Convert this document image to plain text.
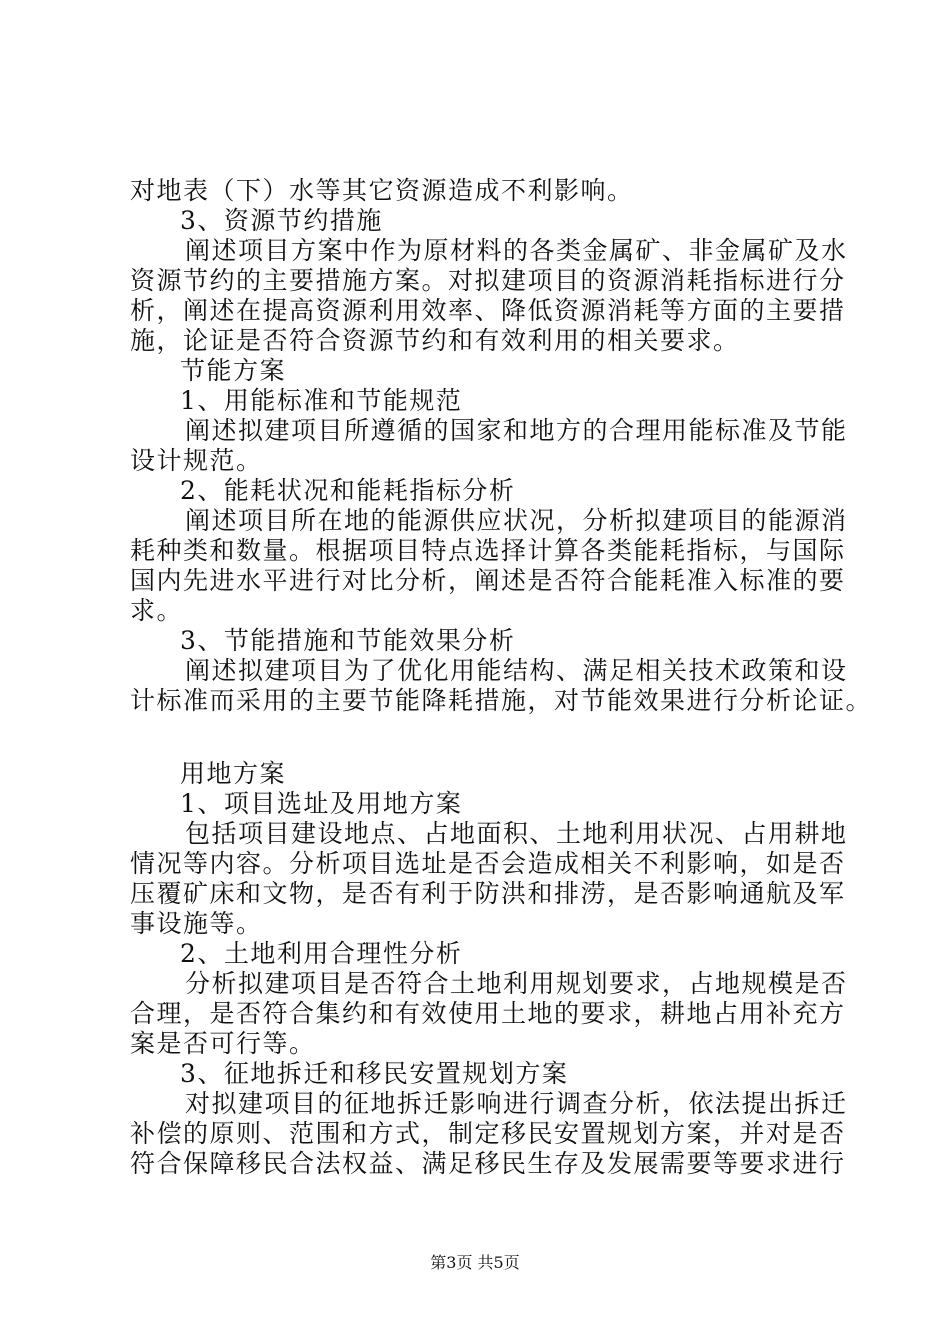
对地表（下）水等其它资源造成不利影响。
3、资源节约措施
阐述项目方案中作为原材料的各类金属矿、非金属矿及水
资源节约的主要措施方案。对拟建项目的资源消耗指标进行分
析，阐述在提高资源利用效率、降低资源消耗等方面的主要措
施，论证是否符合资源节约和有效利用的相关要求。
节能方案
1、用能标准和节能规范
阐述拟建项目所遵循的国家和地方的合理用能标准及节能
设计规范。
2、能耗状况和能耗指标分析
阐述项目所在地的能源供应状况，分析拟建项目的能源消
耗种类和数量。根据项目特点选择计算各类能耗指标，与国际
国内先进水平进行对比分析，阐述是否符合能耗准入标准的要
求。
3、节能措施和节能效果分析
阐述拟建项目为了优化用能结构、满足相关技术政策和设
计标准而采用的主要节能降耗措施，对节能效果进行分析论证。
用地方案
1、项目选址及用地方案
包括项目建设地点、占地面积、土地利用状况、占用耕地
情况等内容。分析项目选址是否会造成相关不利影响，如是否
压覆矿床和文物，是否有利于防洪和排涝，是否影响通航及军
事设施等。
2、土地利用合理性分析
分析拟建项目是否符合土地利用规划要求，占地规模是否
合理，是否符合集约和有效使用土地的要求，耕地占用补充方
案是否可行等。
3、征地拆迁和移民安置规划方案
对拟建项目的征地拆迁影响进行调查分析，依法提出拆迁
补偿的原则、范围和方式，制定移民安置规划方案，并对是否
符合保障移民合法权益、满足移民生存及发展需要等要求进行
第3页 共5页
